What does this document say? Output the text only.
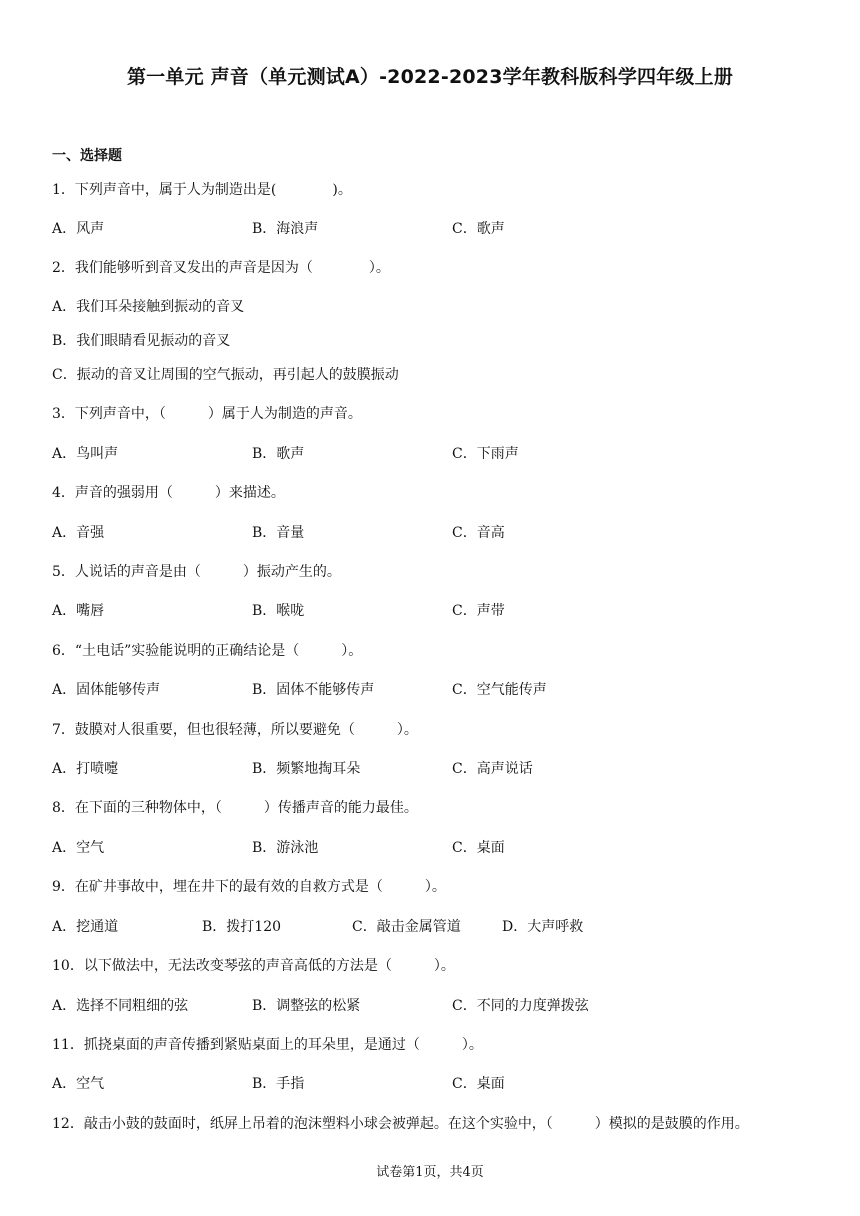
第一单元 声音（单元测试A）-2022-2023学年教科版科学四年级上册
一、选择题
1．下列声音中，属于人为制造出是(　　　　)。
A．风声	B．海浪声	C．歌声
2．我们能够听到音叉发出的声音是因为（　　　　）。
A．我们耳朵接触到振动的音叉
B．我们眼睛看见振动的音叉
C．振动的音叉让周围的空气振动，再引起人的鼓膜振动
3．下列声音中，（　　　）属于人为制造的声音。
A．鸟叫声	B．歌声	C．下雨声
4．声音的强弱用（　　　）来描述。
A．音强	B．音量	C．音高
5．人说话的声音是由（　　　）振动产生的。
A．嘴唇	B．喉咙	C．声带
6．“土电话”实验能说明的正确结论是（　　　）。
A．固体能够传声	B．固体不能够传声	C．空气能传声
7．鼓膜对人很重要，但也很轻薄，所以要避免（　　　）。
A．打喷嚏	B．频繁地掏耳朵	C．高声说话
8．在下面的三种物体中，（　　　）传播声音的能力最佳。
A．空气	B．游泳池	C．桌面
9．在矿井事故中，埋在井下的最有效的自救方式是（　　　）。
A．挖通道	B．拨打120	C．敲击金属管道	D．大声呼救
10．以下做法中，无法改变琴弦的声音高低的方法是（　　　）。
A．选择不同粗细的弦	B．调整弦的松紧	C．不同的力度弹拨弦
11．抓挠桌面的声音传播到紧贴桌面上的耳朵里，是通过（　　　）。
A．空气	B．手指	C．桌面
12．敲击小鼓的鼓面时，纸屏上吊着的泡沫塑料小球会被弹起。在这个实验中，（　　　）模拟的是鼓膜的作用。
试卷第1页，共4页
